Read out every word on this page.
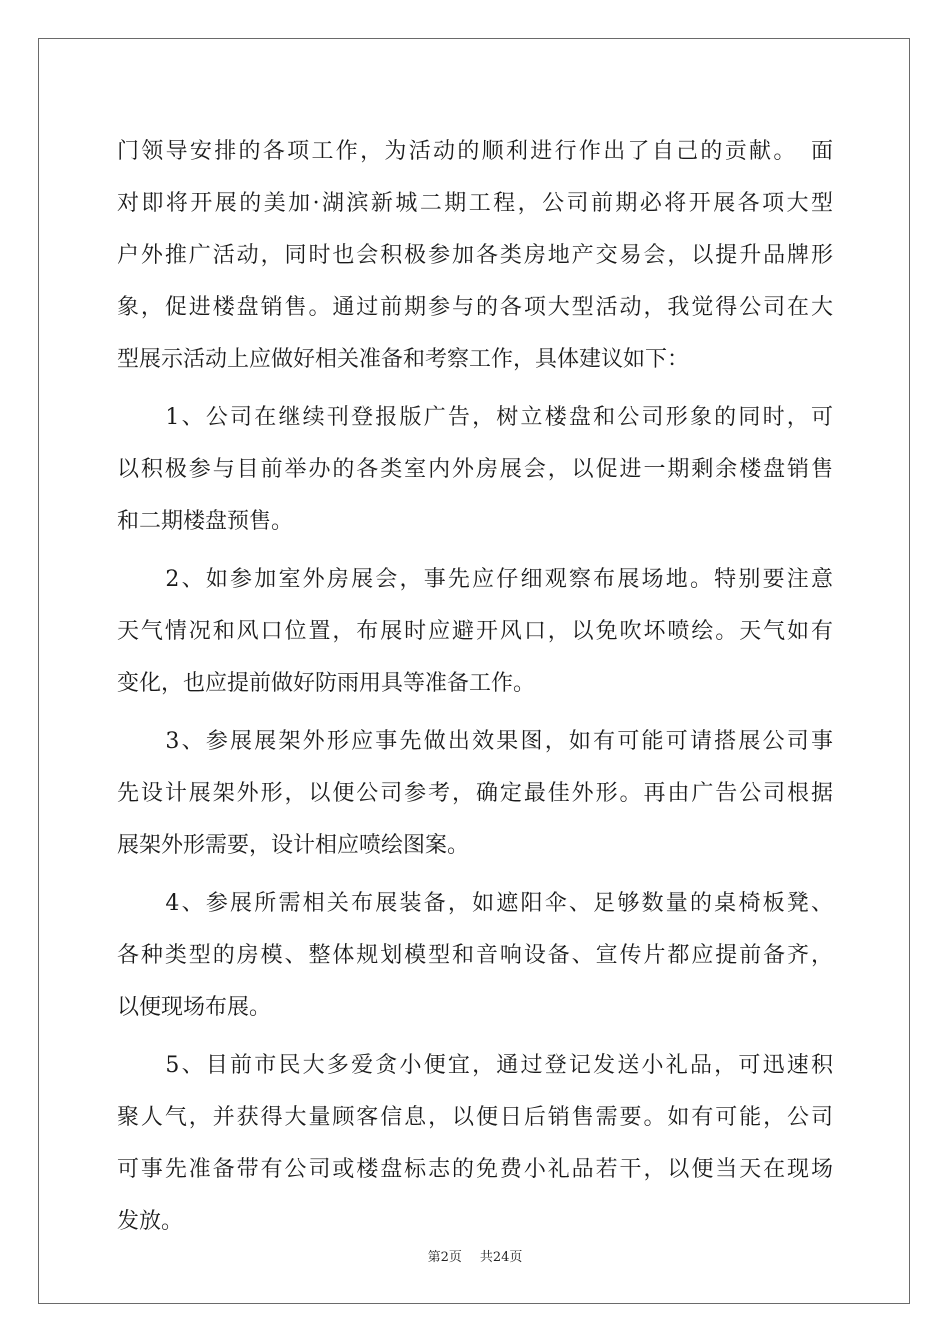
门领导安排的各项工作，为活动的顺利进行作出了自己的贡献。　面
对即将开展的美加·湖滨新城二期工程，公司前期必将开展各项大型
户外推广活动，同时也会积极参加各类房地产交易会，以提升品牌形
象，促进楼盘销售。通过前期参与的各项大型活动，我觉得公司在大
型展示活动上应做好相关准备和考察工作，具体建议如下：
　　1、公司在继续刊登报版广告，树立楼盘和公司形象的同时，可
以积极参与目前举办的各类室内外房展会，以促进一期剩余楼盘销售
和二期楼盘预售。
　　2、如参加室外房展会，事先应仔细观察布展场地。特别要注意
天气情况和风口位置，布展时应避开风口，以免吹坏喷绘。天气如有
变化，也应提前做好防雨用具等准备工作。
　　3、参展展架外形应事先做出效果图，如有可能可请搭展公司事
先设计展架外形，以便公司参考，确定最佳外形。再由广告公司根据
展架外形需要，设计相应喷绘图案。
　　4、参展所需相关布展装备，如遮阳伞、足够数量的桌椅板凳、
各种类型的房模、整体规划模型和音响设备、宣传片都应提前备齐，
以便现场布展。
　　5、目前市民大多爱贪小便宜，通过登记发送小礼品，可迅速积
聚人气，并获得大量顾客信息，以便日后销售需要。如有可能，公司
可事先准备带有公司或楼盘标志的免费小礼品若干，以便当天在现场
发放。
第2页 共24页
